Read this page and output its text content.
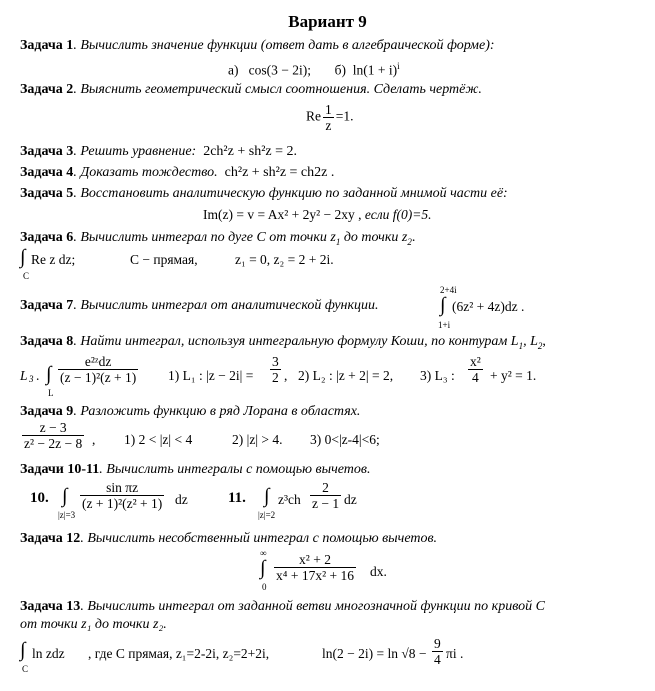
Вариант 9
Задача 1. Вычислить значение функции (ответ дать в алгебраической форме):
а) cos(3 − 2i); б) $\ln(1 + i)^i$
Задача 2. Выяснить геометрический смысл соотношения. Сделать чертёж.
Re $\frac{1}{z} =1$.
Задача 3. Решить уравнение: 2ch²z + sh²z = 2.
Задача 4. Доказать тождество. ch²z + sh²z = ch2z .
Задача 5. Восстановить аналитическую функцию по заданной мнимой части её:
Im(z) = v = Ax² + 2y² − 2xy , если f(0)=5.
Задача 6. Вычислить интеграл по дуге C от точки $z_1$ до точки $z_2$.
∫
C
Re z dz;	C − прямая,	z₁ = 0, z₂ = 2 + 2i.
Задача 7. Вычислить интеграл от аналитической функции.
2+4i
∫
1+i
(6z² + 4z)dz .
Задача 8. Найти интеграл, используя интегральную формулу Коши, по контурам $L_1$, $L_2$,
L 3 . ∫
L
e²ᶻdz
(z − 1)²(z + 1) 1) L₁ : $|z - 2i| = \frac{3}{2}$ , 2) L₂ : |z + 2| = 2, 3) L₃ : $\frac{\text{x²}}{4} + y^2 = 1$.
Задача 9. Разложить функцию в ряд Лорана в областях.
$\frac{z - 3}{\text{z² − 2z − 8}}$ , 1) 2 < |z| < 4	2) |z| > 4. 3) 0<|z-4|<6;
Задачи 10-11. Вычислить интегралы с помощью вычетов.
10. ∫
|z|=3
$\frac{\text{sin πz}}{\text{(z + 1)²(z² + 1)}}$ dz	11. ∫
|z|=2
$z^3ch \frac{2}{z - 1}$ dz
Задача 12. Вычислить несобственный интеграл с помощью вычетов.
∞
∫
0
$\frac{\text{x² + 2}}{\text{x⁴ + 17x² + 16}}$ dx.
Задача 13. Вычислить интеграл от заданной ветви многозначной функции по кривой C
от точки z₁ до точки z₂.
∫
C
ln zdz , где C прямая, z₁=2-2i, z₂=2+2i,	$\ln(2 - 2i) = \ln √8 - \frac{9}{4}$ πi .
